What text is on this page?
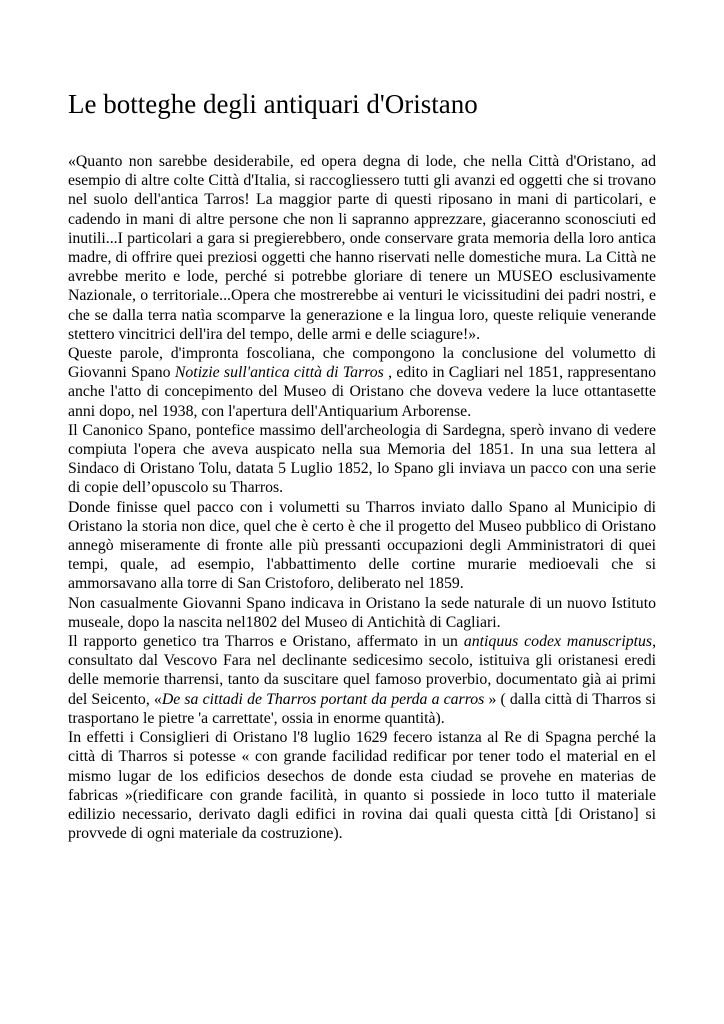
Le botteghe degli antiquari d'Oristano

«Quanto non sarebbe desiderabile, ed opera degna di lode, che nella Città d'Oristano, ad esempio di altre colte Città d'Italia, si raccogliessero tutti gli avanzi ed oggetti che si trovano nel suolo dell'antica Tarros! La maggior parte di questi riposano in mani di particolari, e cadendo in mani di altre persone che non li sapranno apprezzare, giaceranno sconosciuti ed inutili...I particolari a gara si pregierebbero, onde conservare grata memoria della loro antica madre, di offrire quei preziosi oggetti che hanno riservati nelle domestiche mura. La Città ne avrebbe merito e lode, perché si potrebbe gloriare di tenere un MUSEO esclusivamente Nazionale, o territoriale...Opera che mostrerebbe ai venturi le vicissitudini dei padri nostri, e che se dalla terra natìa scomparve la generazione e la lingua loro, queste reliquie venerande stettero vincitrici dell'ira del tempo, delle armi e delle sciagure!».

Queste parole, d'impronta foscoliana, che compongono la conclusione del volumetto di Giovanni Spano Notizie sull'antica città di Tarros , edito in Cagliari nel 1851, rappresentano anche l'atto di concepimento del Museo di Oristano che doveva vedere la luce ottantasette anni dopo, nel 1938, con l'apertura dell'Antiquarium Arborense.

Il Canonico Spano, pontefice massimo dell'archeologia di Sardegna, sperò invano di vedere compiuta l'opera che aveva auspicato nella sua Memoria del 1851. In una sua lettera al Sindaco di Oristano Tolu, datata 5 Luglio 1852, lo Spano gli inviava un pacco con una serie di copie dell’opuscolo su Tharros.

Donde finisse quel pacco con i volumetti su Tharros inviato dallo Spano al Municipio di Oristano la storia non dice, quel che è certo è che il progetto del Museo pubblico di Oristano annegò miseramente di fronte alle più pressanti occupazioni degli Amministratori di quei tempi, quale, ad esempio, l'abbattimento delle cortine murarie medioevali che si ammorsavano alla torre di San Cristoforo, deliberato nel 1859.

Non casualmente Giovanni Spano indicava in Oristano la sede naturale di un nuovo Istituto museale, dopo la nascita nel1802 del Museo di Antichità di Cagliari.

Il rapporto genetico tra Tharros e Oristano, affermato in un antiquus codex manuscriptus, consultato dal Vescovo Fara nel declinante sedicesimo secolo, istituiva gli oristanesi eredi delle memorie tharrensi, tanto da suscitare quel famoso proverbio, documentato già ai primi del Seicento, «De sa cittadi de Tharros portant da perda a carros » ( dalla città di Tharros si trasportano le pietre 'a carrettate', ossia in enorme quantità).

In effetti i Consiglieri di Oristano l'8 luglio 1629 fecero istanza al Re di Spagna perché la città di Tharros si potesse « con grande facilidad redificar por tener todo el material en el mismo lugar de los edificios desechos de donde esta ciudad se provehe en materias de fabricas »(riedificare con grande facilità, in quanto si possiede in loco tutto il materiale edilizio necessario, derivato dagli edifici in rovina dai quali questa città [di Oristano] si provvede di ogni materiale da costruzione).
